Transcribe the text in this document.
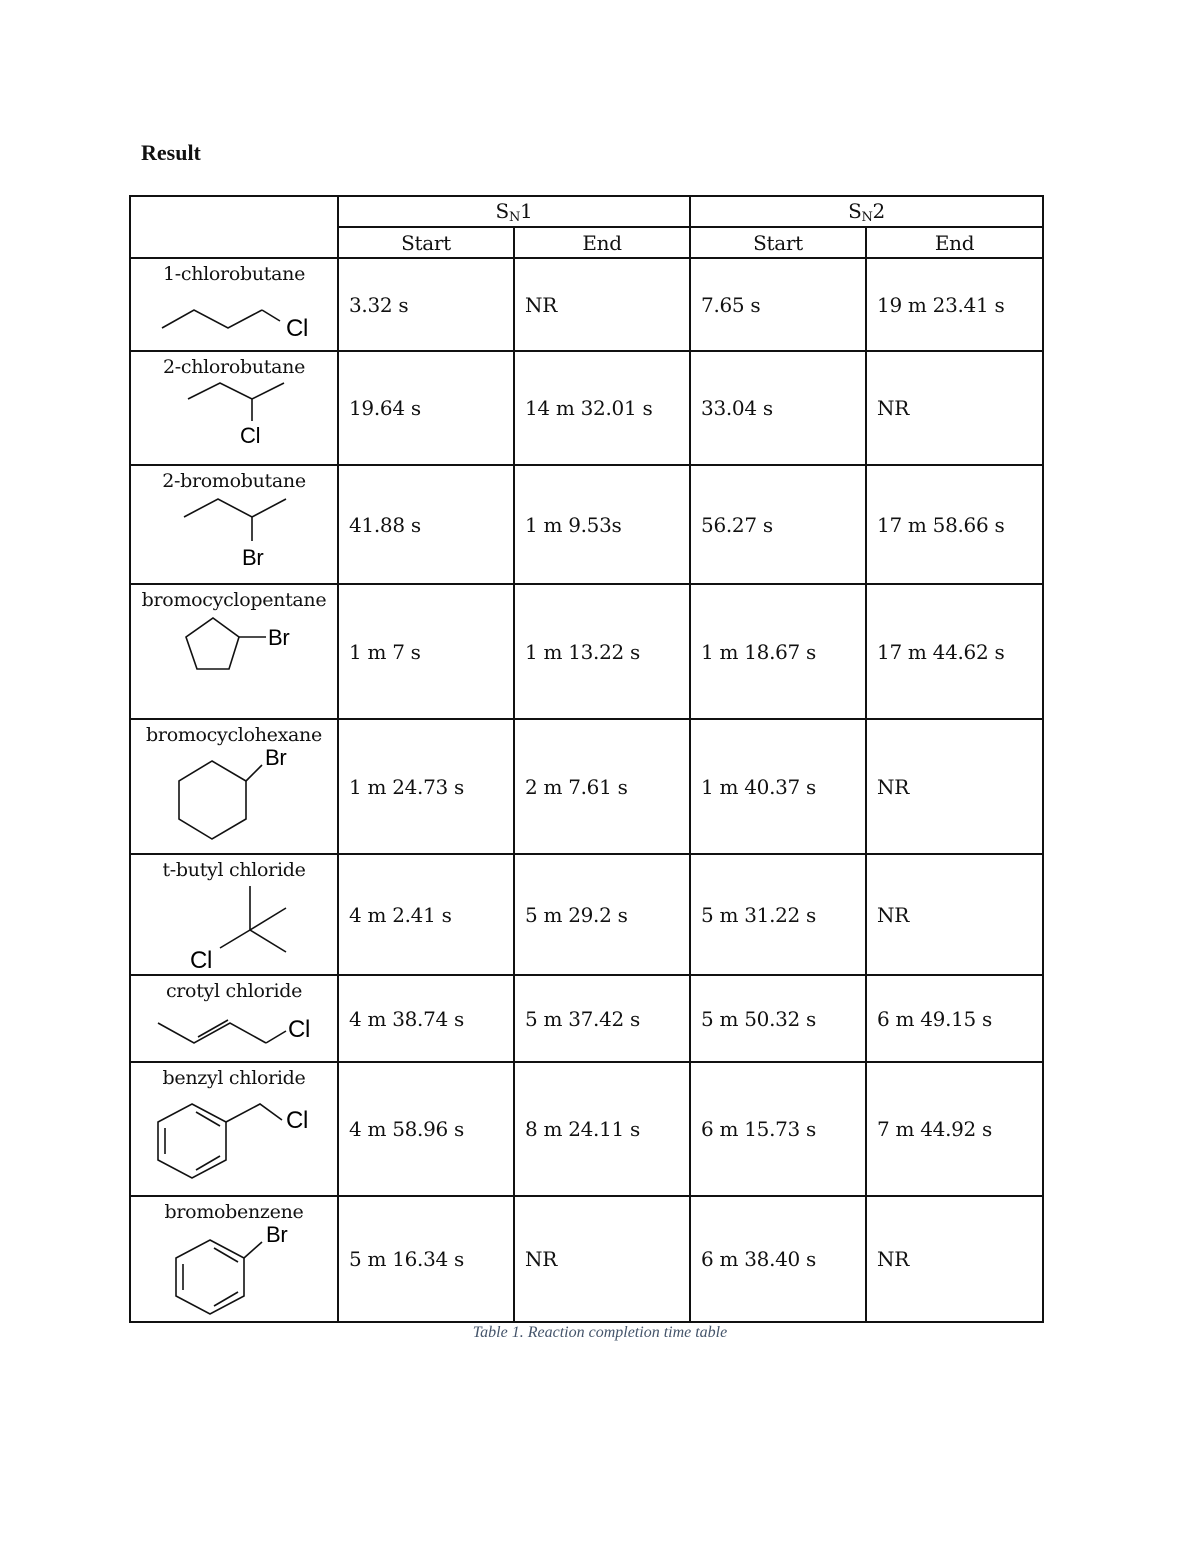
Result
	$S_N1$		$S_N2$	
	Start	End	Start	End

1-chlorobutane
Cl	3.32 s	NR	7.65 s	19 m 23.41 s

2-chlorobutane
Cl	19.64 s	14 m 32.01 s	33.04 s	NR

2-bromobutane
Br	41.88 s	1 m 9.53s	56.27 s	17 m 58.66 s

bromocyclopentane
Br	1 m 7 s	1 m 13.22 s	1 m 18.67 s	17 m 44.62 s

bromocyclohexane
Br	1 m 24.73 s	2 m 7.61 s	1 m 40.37 s	NR

t-butyl chloride
Cl	4 m 2.41 s	5 m 29.2 s	5 m 31.22 s	NR

crotyl chloride
Cl	4 m 38.74 s	5 m 37.42 s	5 m 50.32 s	6 m 49.15 s

benzyl chloride
Cl	4 m 58.96 s	8 m 24.11 s	6 m 15.73 s	7 m 44.92 s

bromobenzene
Br	5 m 16.34 s	NR	6 m 38.40 s	NR
Table 1. Reaction completion time table
